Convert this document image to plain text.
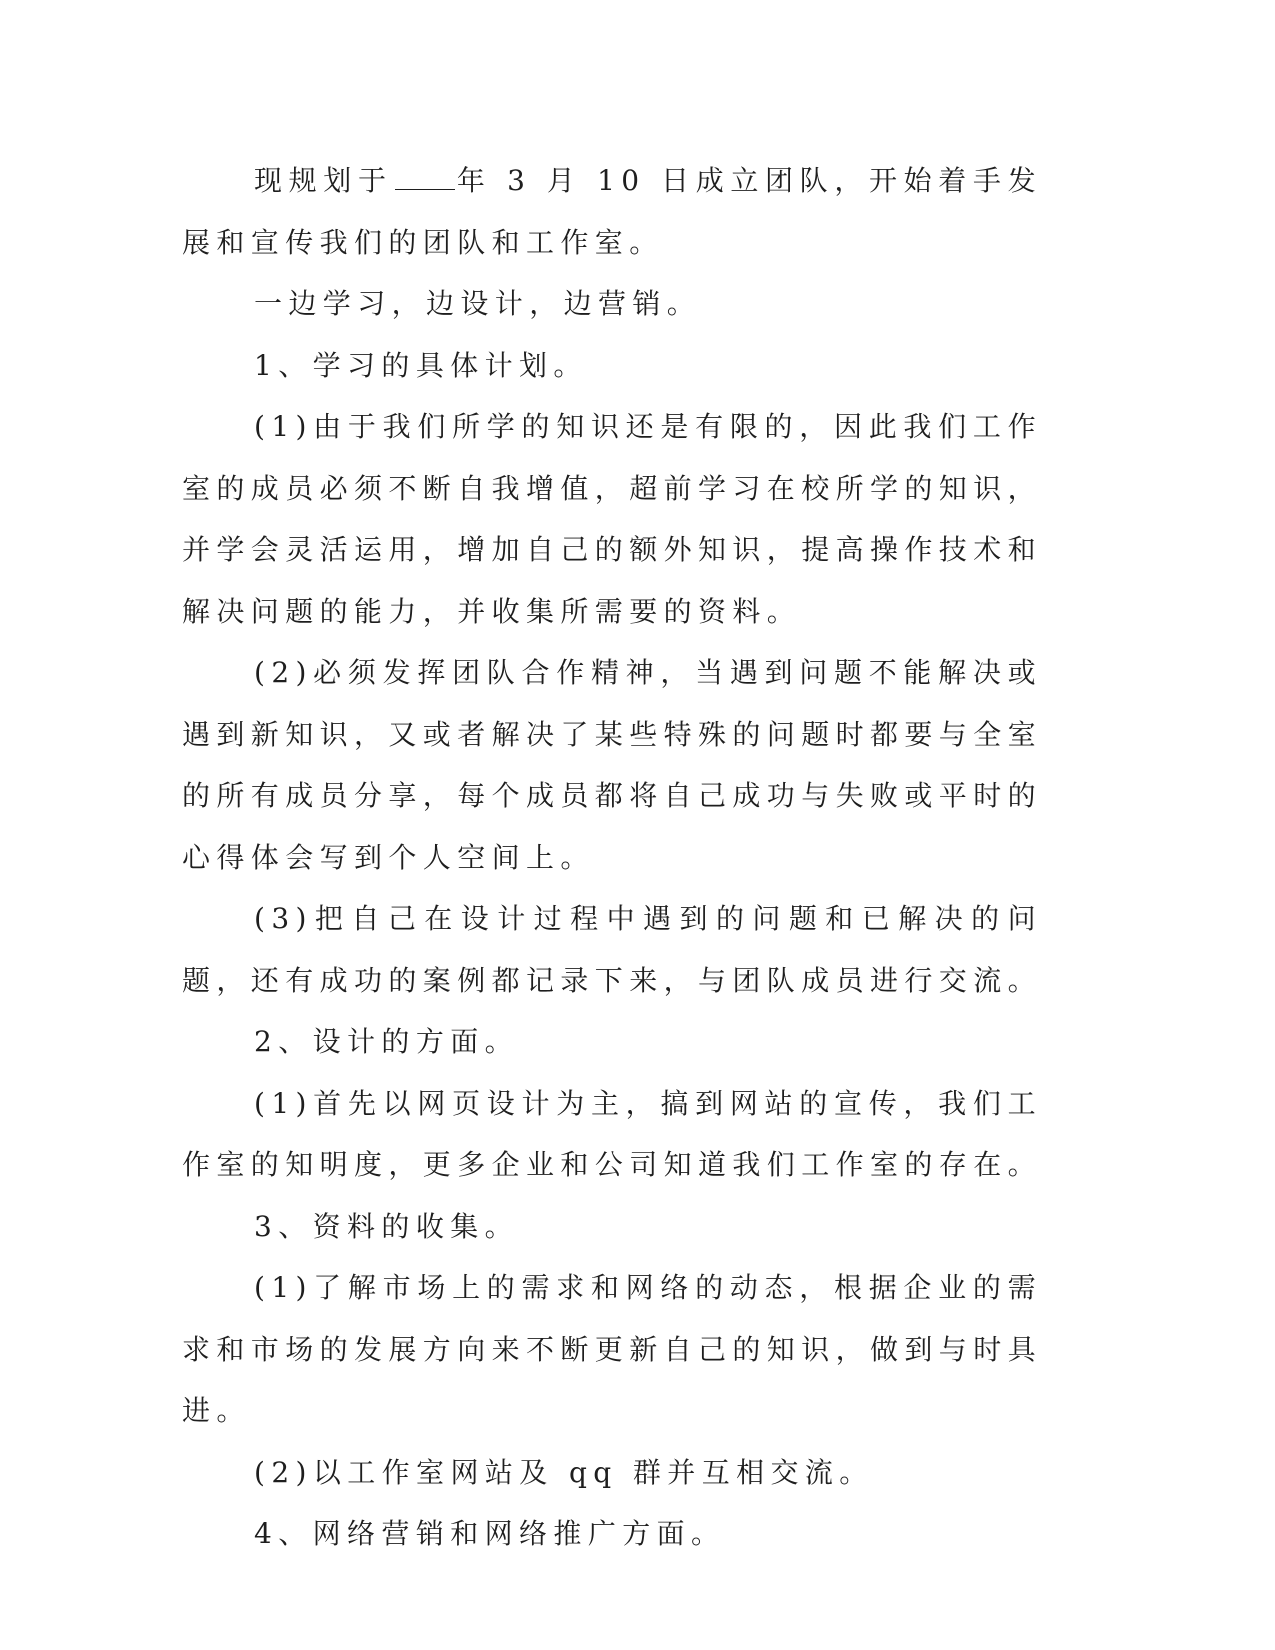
现规划于 年 3 月 10 日成立团队，开始着手发展和宣传我们的团队和工作室。

一边学习，边设计，边营销。

1、学习的具体计划。

(1)由于我们所学的知识还是有限的，因此我们工作室的成员必须不断自我增值，超前学习在校所学的知识，并学会灵活运用，增加自己的额外知识，提高操作技术和解决问题的能力，并收集所需要的资料。

(2)必须发挥团队合作精神，当遇到问题不能解决或遇到新知识，又或者解决了某些特殊的问题时都要与全室的所有成员分享，每个成员都将自己成功与失败或平时的心得体会写到个人空间上。

(3)把自己在设计过程中遇到的问题和已解决的问题，还有成功的案例都记录下来，与团队成员进行交流。

2、设计的方面。

(1)首先以网页设计为主，搞到网站的宣传，我们工作室的知明度，更多企业和公司知道我们工作室的存在。

3、资料的收集。

(1)了解市场上的需求和网络的动态，根据企业的需求和市场的发展方向来不断更新自己的知识，做到与时具进。

(2)以工作室网站及 qq 群并互相交流。

4、网络营销和网络推广方面。
